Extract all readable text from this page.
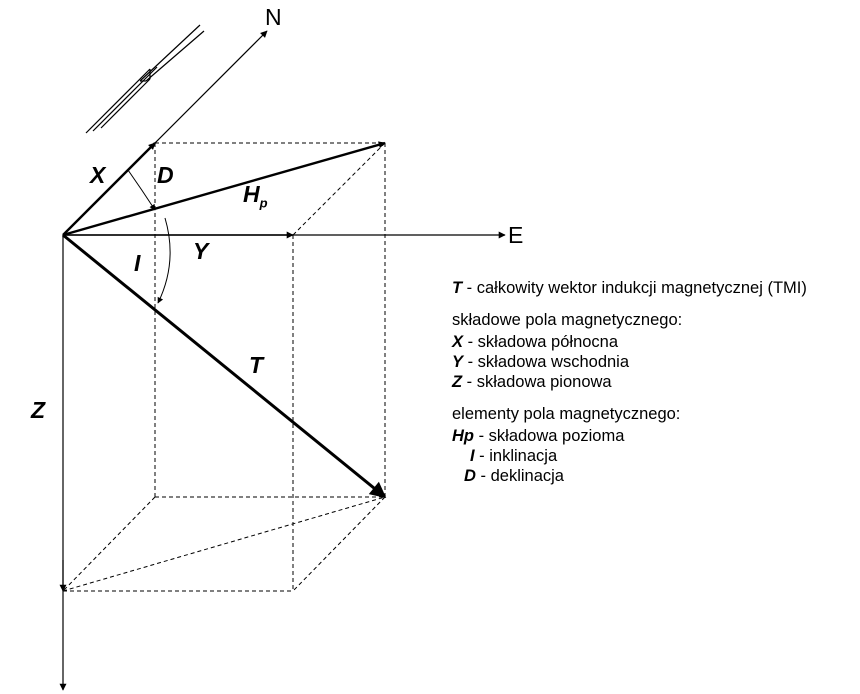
N
E
X D
$H_p$
Y
I
T
Z
T - całkowity wektor indukcji magnetycznej (TMI)
składowe pola magnetycznego:
X - składowa północna
Y - składowa wschodnia
Z - składowa pionowa
elementy pola magnetycznego:
Hp - składowa pozioma
I - inklinacja
D - deklinacja
